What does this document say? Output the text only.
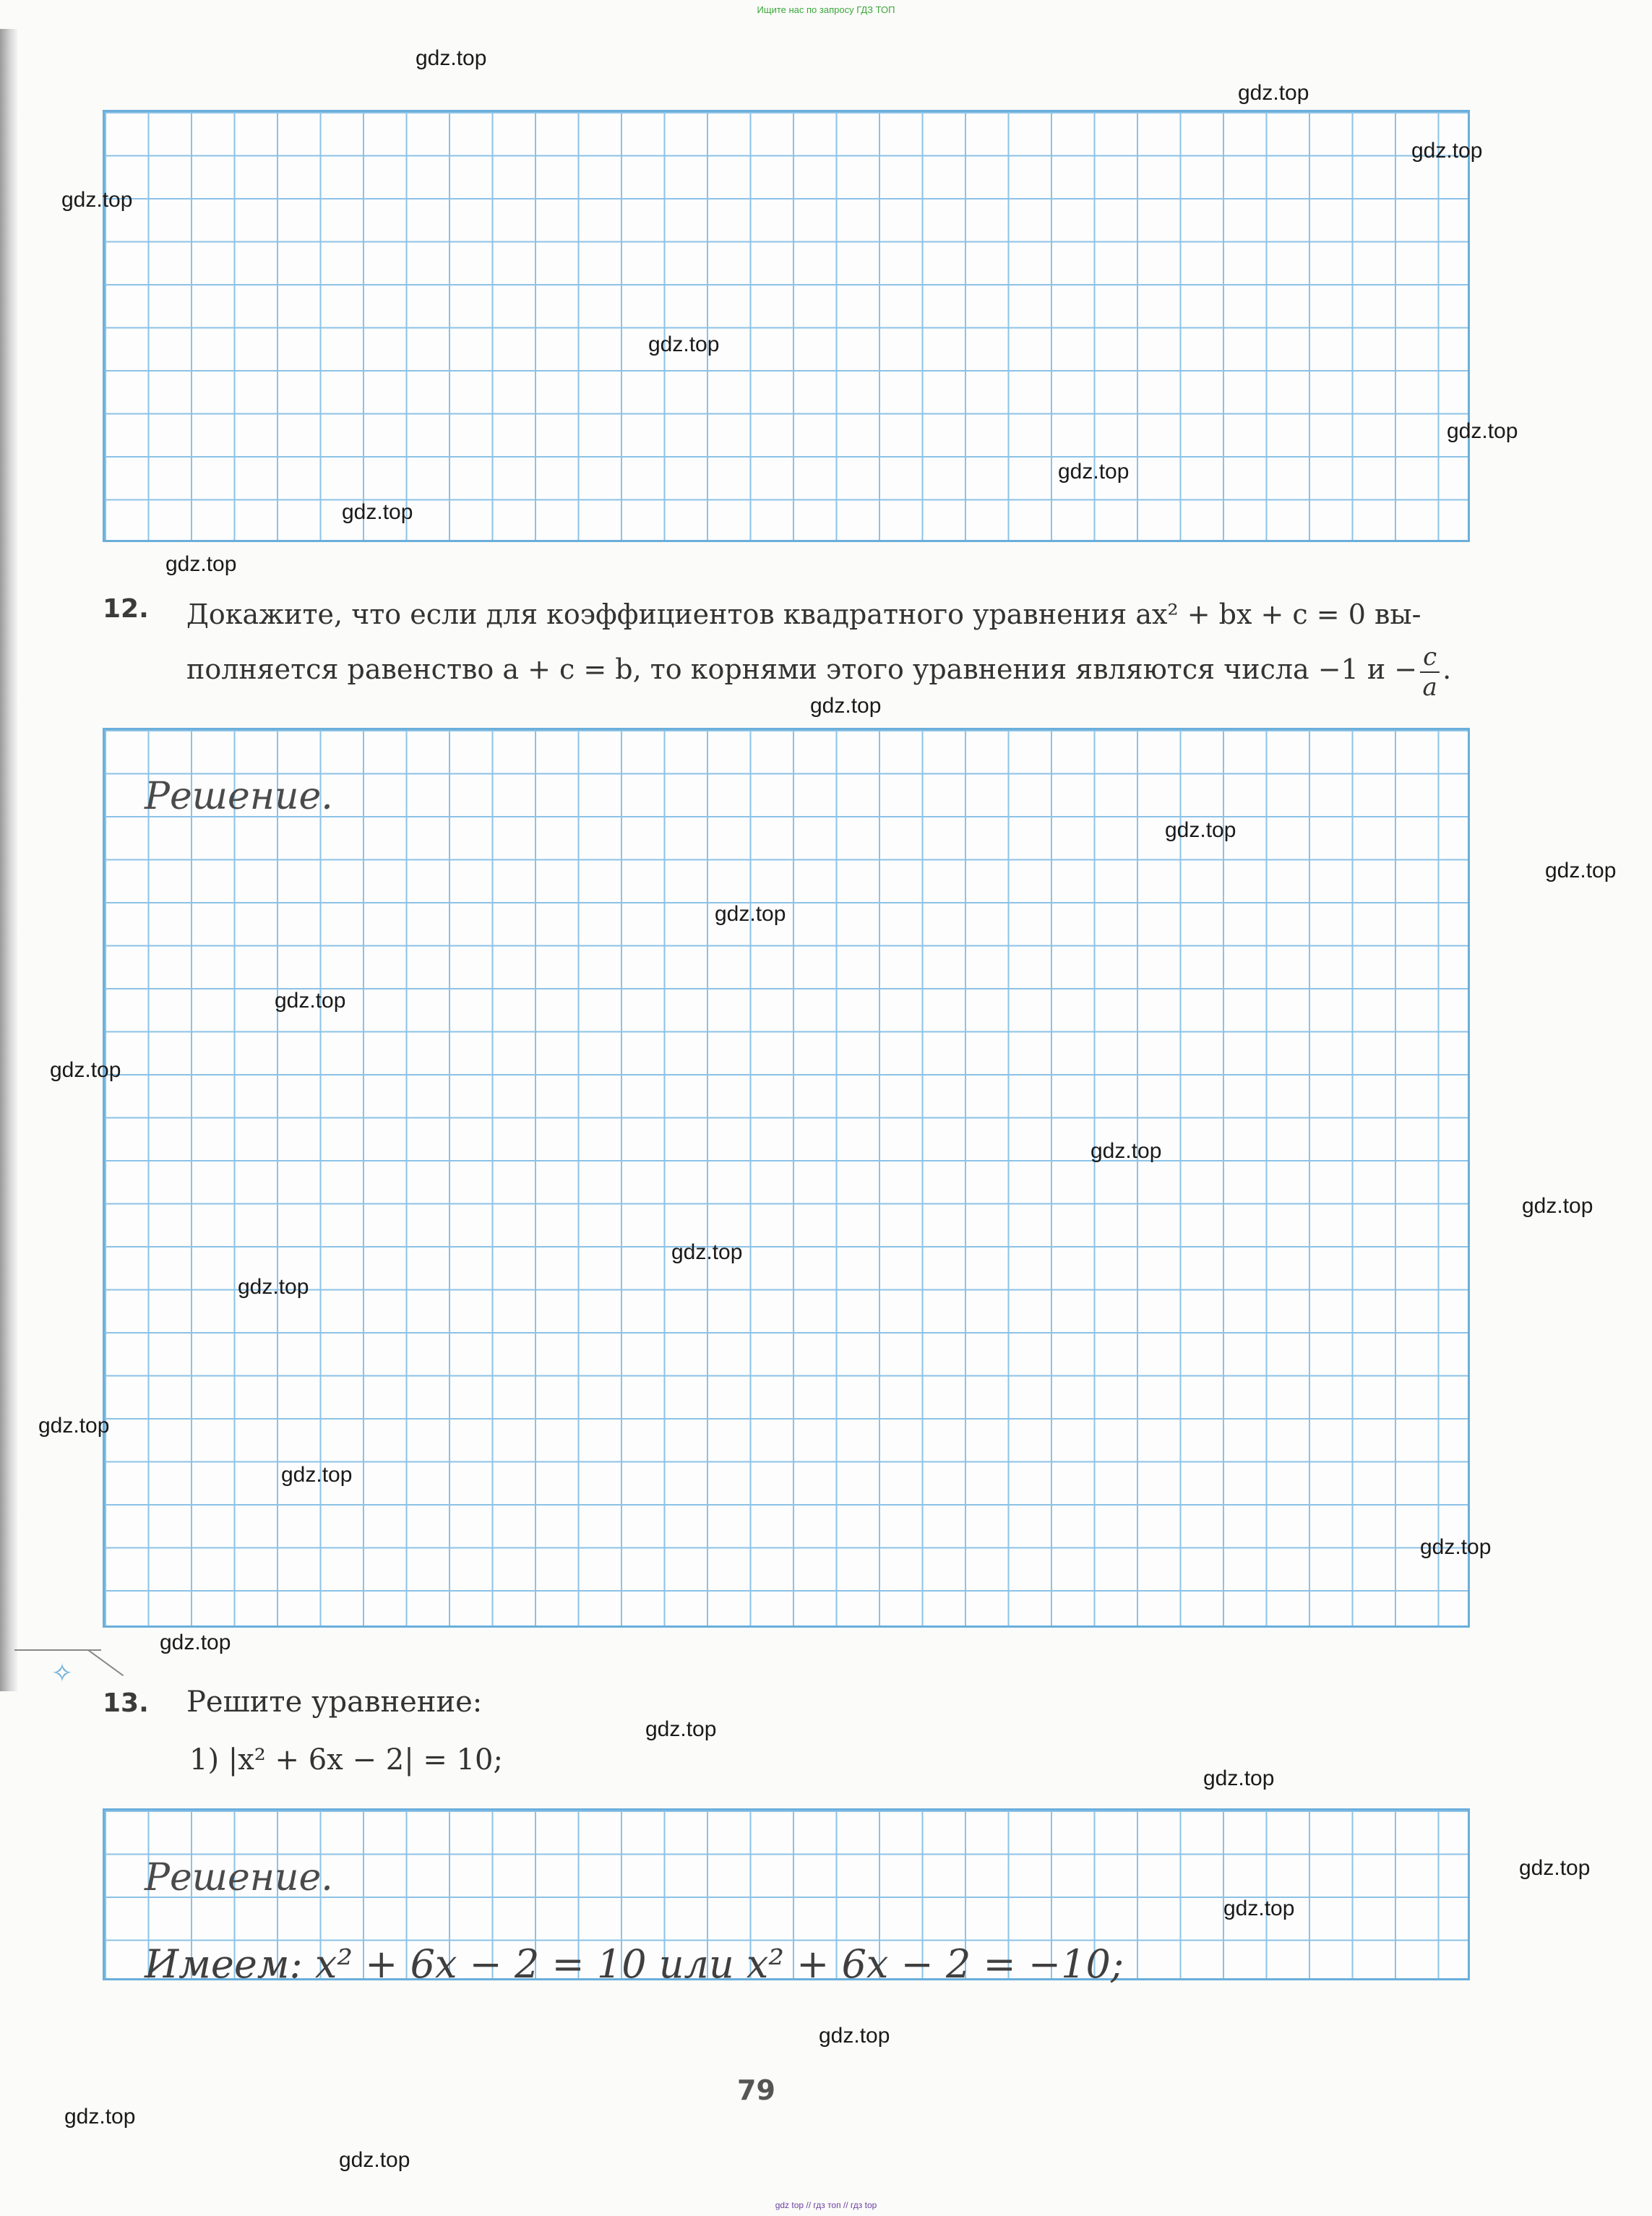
Ищите нас по запросу ГДЗ ТОП
12. Докажите, что если для коэффициентов квадратного уравнения ax² + bx + c = 0 вы-
полняется равенство a + c = b, то корнями этого уравнения являются числа −1 $и - \frac{c}{a}$ .
Решение.
✧
13. Решите уравнение:
1) |x² + 6x − 2| = 10;
Решение.
Имеем: x² + 6x − 2 = 10 или x² + 6x − 2 = −10;
79
gdz.top
gdz.top
gdz.top
gdz.top
gdz.top
gdz.top
gdz.top
gdz.top
gdz.top
gdz.top
gdz.top
gdz.top
gdz.top
gdz.top
gdz.top
gdz.top
gdz.top
gdz.top
gdz.top
gdz.top
gdz.top
gdz.top
gdz.top
gdz.top
gdz.top
gdz.top
gdz.top
gdz.top
gdz.top
gdz.top
gdz top // гдз топ // гдз top
